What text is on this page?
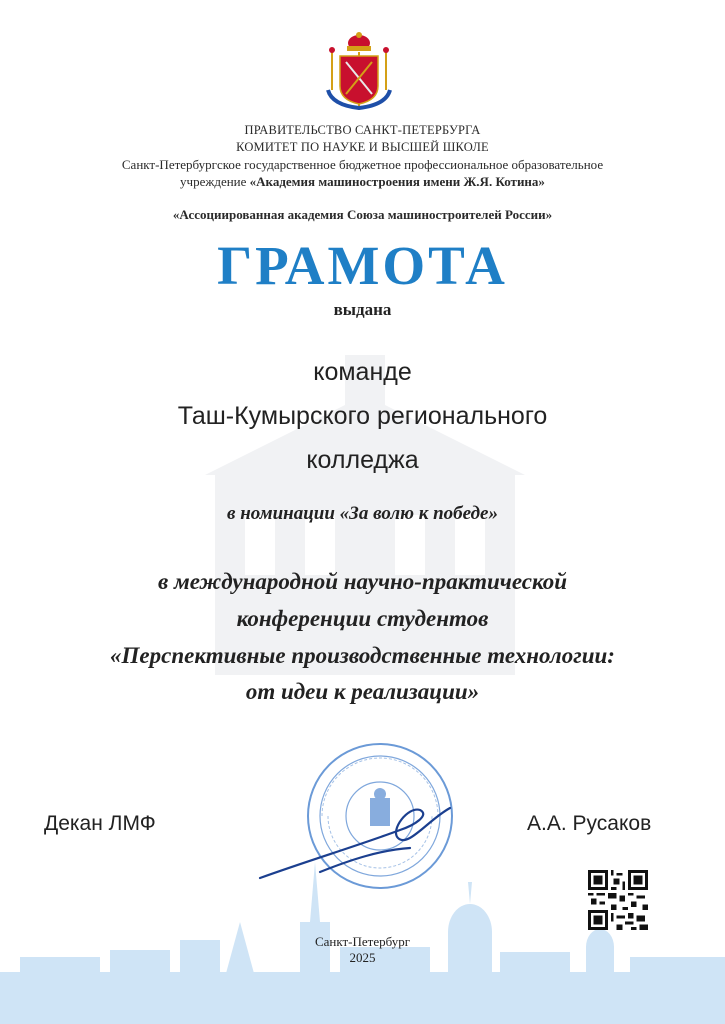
ПРАВИТЕЛЬСТВО САНКТ-ПЕТЕРБУРГА
КОМИТЕТ ПО НАУКЕ И ВЫСШЕЙ ШКОЛЕ
Санкт-Петербургское государственное бюджетное профессиональное образовательное
учреждение «Академия машиностроения имени Ж.Я. Котина»
«Ассоциированная академия Союза машиностроителей России»
ГРАМОТА
выдана
команде
Таш-Кумырского регионального
колледжа
в номинации «За волю к победе»
в международной научно-практической
конференции студентов
«Перспективные производственные технологии:
от идеи к реализации»
Декан ЛМФ	А.А. Русаков
Санкт-Петербург
2025
